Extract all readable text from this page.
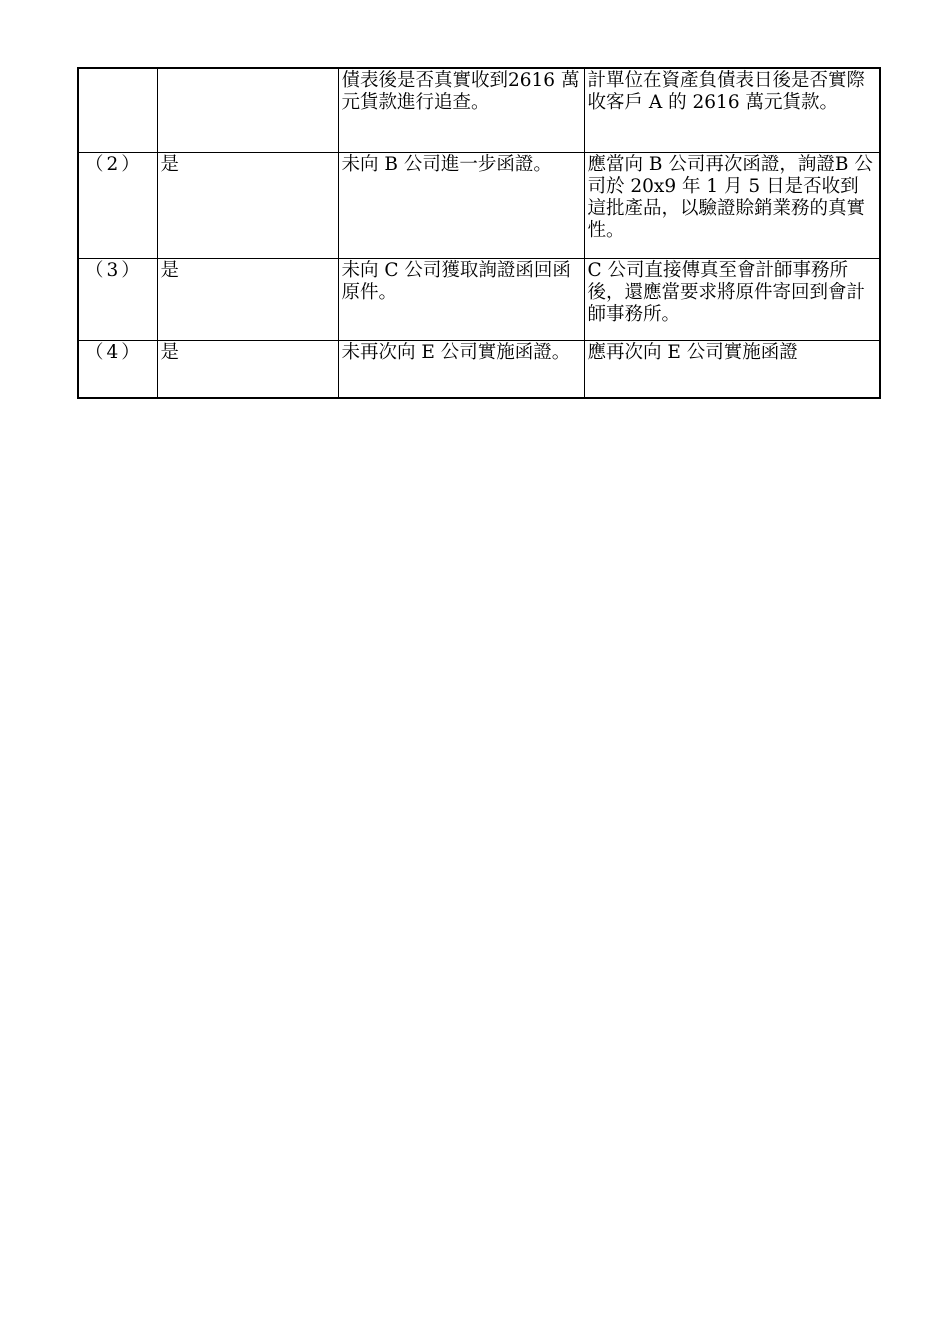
		債表後是否真實收到2616 萬元貨款進行追查。	計單位在資產負債表日後是否實際收客戶 A 的 2616 萬元貨款。
（2）	是	未向 B 公司進一步函證。	應當向 B 公司再次函證，詢證B 公司於 20x9 年 1 月 5 日是否收到這批產品，以驗證賒銷業務的真實性。
（3）	是	未向 C 公司獲取詢證函回函原件。	C 公司直接傳真至會計師事務所後，還應當要求將原件寄回到會計師事務所。
（4）	是	未再次向 E 公司實施函證。	應再次向 E 公司實施函證
